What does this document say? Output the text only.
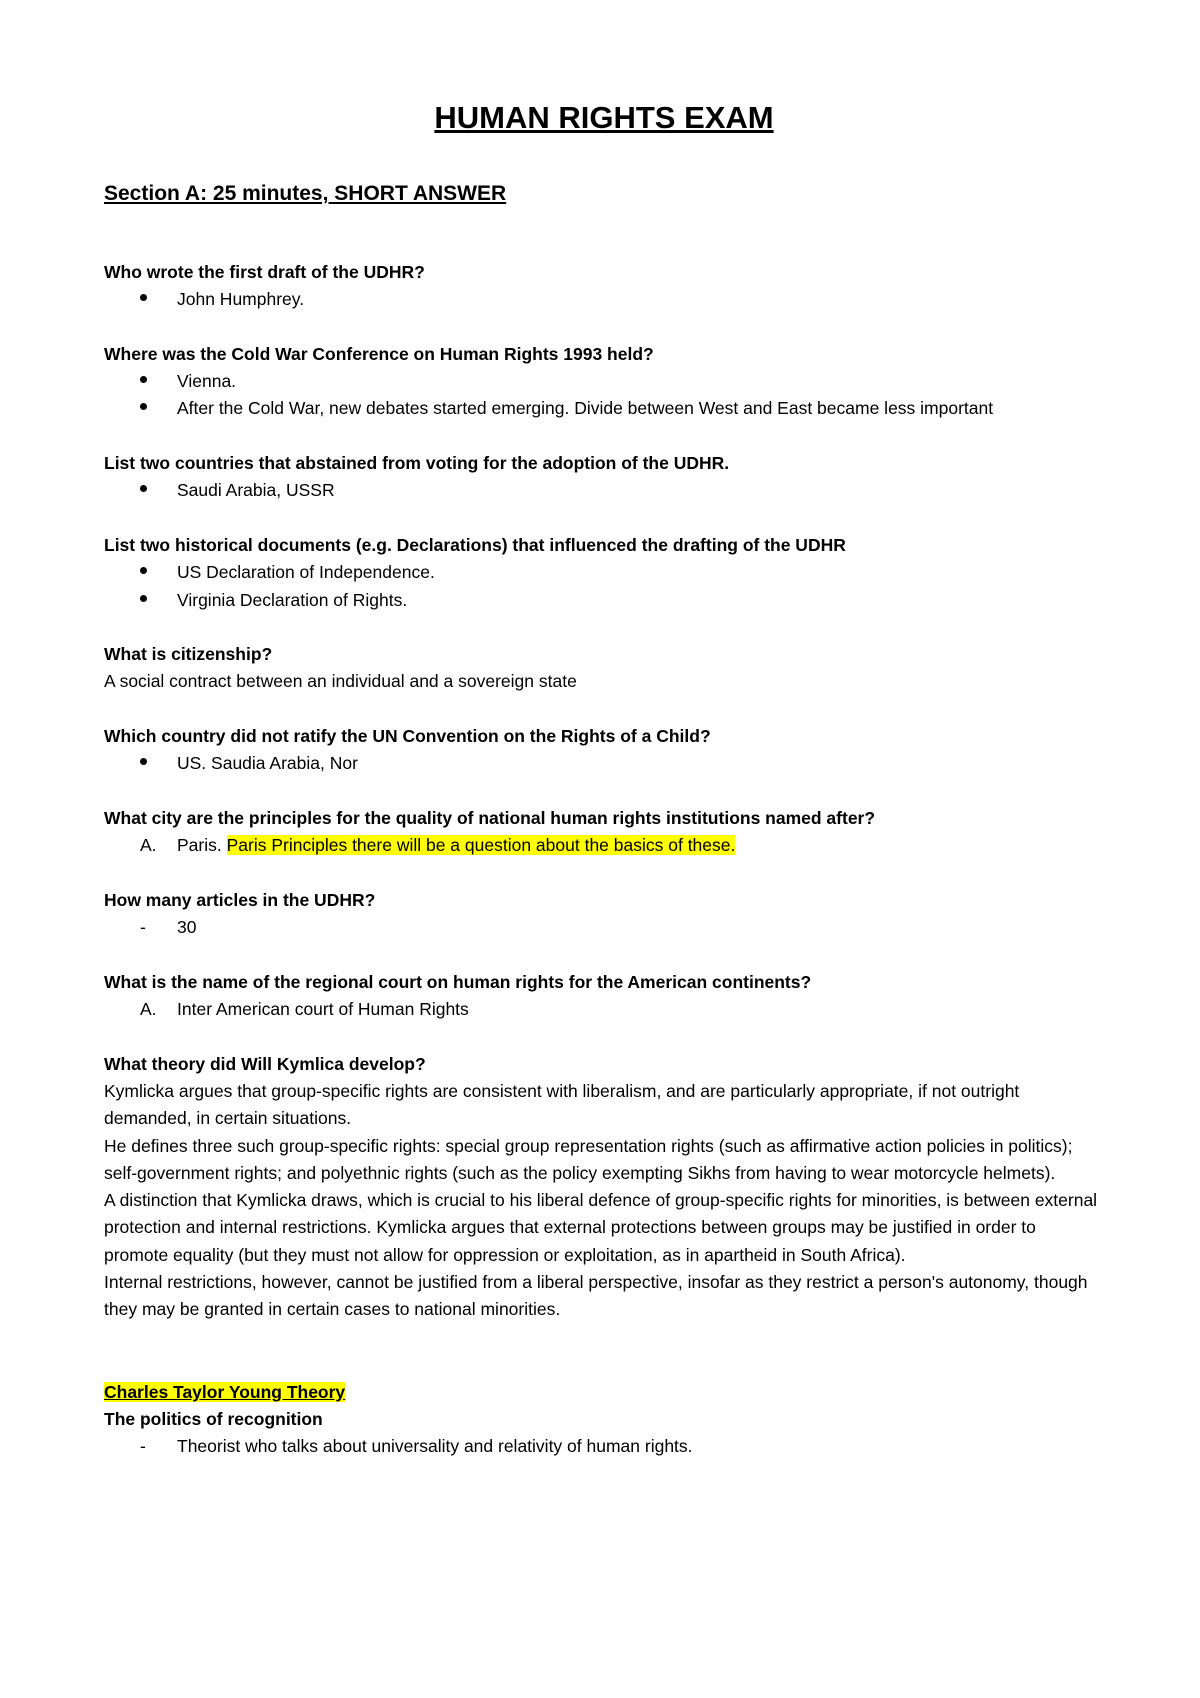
HUMAN RIGHTS EXAM
Section A: 25 minutes, SHORT ANSWER

Who wrote the first draft of the UDHR?

John Humphrey.

Where was the Cold War Conference on Human Rights 1993 held?

Vienna.
After the Cold War, new debates started emerging. Divide between West and East became less important

List two countries that abstained from voting for the adoption of the UDHR.

Saudi Arabia, USSR

List two historical documents (e.g. Declarations) that influenced the drafting of the UDHR

US Declaration of Independence.
Virginia Declaration of Rights.

What is citizenship?

A social contract between an individual and a sovereign state

Which country did not ratify the UN Convention on the Rights of a Child?

US. Saudia Arabia, Nor

What city are the principles for the quality of national human rights institutions named after?

A. Paris. Paris Principles there will be a question about the basics of these.

How many articles in the UDHR?

- 30

What is the name of the regional court on human rights for the American continents?

A. Inter American court of Human Rights

What theory did Will Kymlica develop?

Kymlicka argues that group-specific rights are consistent with liberalism, and are particularly appropriate, if not outright demanded, in certain situations.

He defines three such group-specific rights: special group representation rights (such as affirmative action policies in politics); self-government rights; and polyethnic rights (such as the policy exempting Sikhs from having to wear motorcycle helmets).

A distinction that Kymlicka draws, which is crucial to his liberal defence of group-specific rights for minorities, is between external protection and internal restrictions. Kymlicka argues that external protections between groups may be justified in order to promote equality (but they must not allow for oppression or exploitation, as in apartheid in South Africa).

Internal restrictions, however, cannot be justified from a liberal perspective, insofar as they restrict a person's autonomy, though they may be granted in certain cases to national minorities.

Charles Taylor Young Theory

The politics of recognition

- Theorist who talks about universality and relativity of human rights.
